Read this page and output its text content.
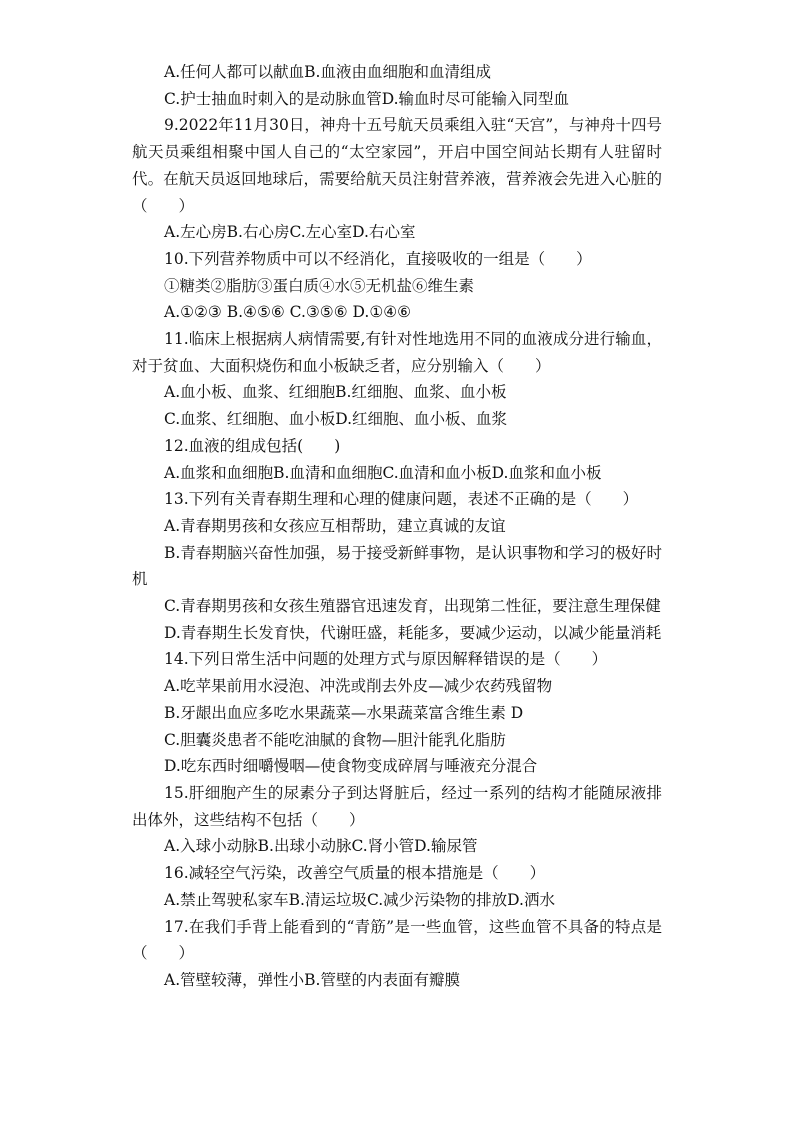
A.任何人都可以献血B.血液由血细胞和血清组成
C.护士抽血时刺入的是动脉血管D.输血时尽可能输入同型血
9.2022年11月30日，神舟十五号航天员乘组入驻“天宫”，与神舟十四号航天员乘组相聚中国人自己的“太空家园”，开启中国空间站长期有人驻留时代。在航天员返回地球后，需要给航天员注射营养液，营养液会先进入心脏的（　　）
A.左心房B.右心房C.左心室D.右心室
10.下列营养物质中可以不经消化，直接吸收的一组是（　　）
①糖类②脂肪③蛋白质④水⑤无机盐⑥维生素
A.①②③ B.④⑤⑥ C.③⑤⑥ D.①④⑥
11.临床上根据病人病情需要,有针对性地选用不同的血液成分进行输血，对于贫血、大面积烧伤和血小板缺乏者，应分别输入（　　）
A.血小板、血浆、红细胞B.红细胞、血浆、血小板
C.血浆、红细胞、血小板D.红细胞、血小板、血浆
12.血液的组成包括(　　)
A.血浆和血细胞B.血清和血细胞C.血清和血小板D.血浆和血小板
13.下列有关青春期生理和心理的健康问题，表述不正确的是（　　）
A.青春期男孩和女孩应互相帮助，建立真诚的友谊
B.青春期脑兴奋性加强，易于接受新鲜事物，是认识事物和学习的极好时机
C.青春期男孩和女孩生殖器官迅速发育，出现第二性征，要注意生理保健
D.青春期生长发育快，代谢旺盛，耗能多，要减少运动，以减少能量消耗
14.下列日常生活中问题的处理方式与原因解释错误的是（　　）
A.吃苹果前用水浸泡、冲洗或削去外皮—减少农药残留物
B.牙龈出血应多吃水果蔬菜—水果蔬菜富含维生素 D
C.胆囊炎患者不能吃油腻的食物—胆汁能乳化脂肪
D.吃东西时细嚼慢咽—使食物变成碎屑与唾液充分混合
15.肝细胞产生的尿素分子到达肾脏后，经过一系列的结构才能随尿液排出体外，这些结构不包括（　　）
A.入球小动脉B.出球小动脉C.肾小管D.输尿管
16.减轻空气污染，改善空气质量的根本措施是（　　）
A.禁止驾驶私家车B.清运垃圾C.减少污染物的排放D.洒水
17.在我们手背上能看到的“青筋”是一些血管，这些血管不具备的特点是（　　）
A.管壁较薄，弹性小B.管壁的内表面有瓣膜
